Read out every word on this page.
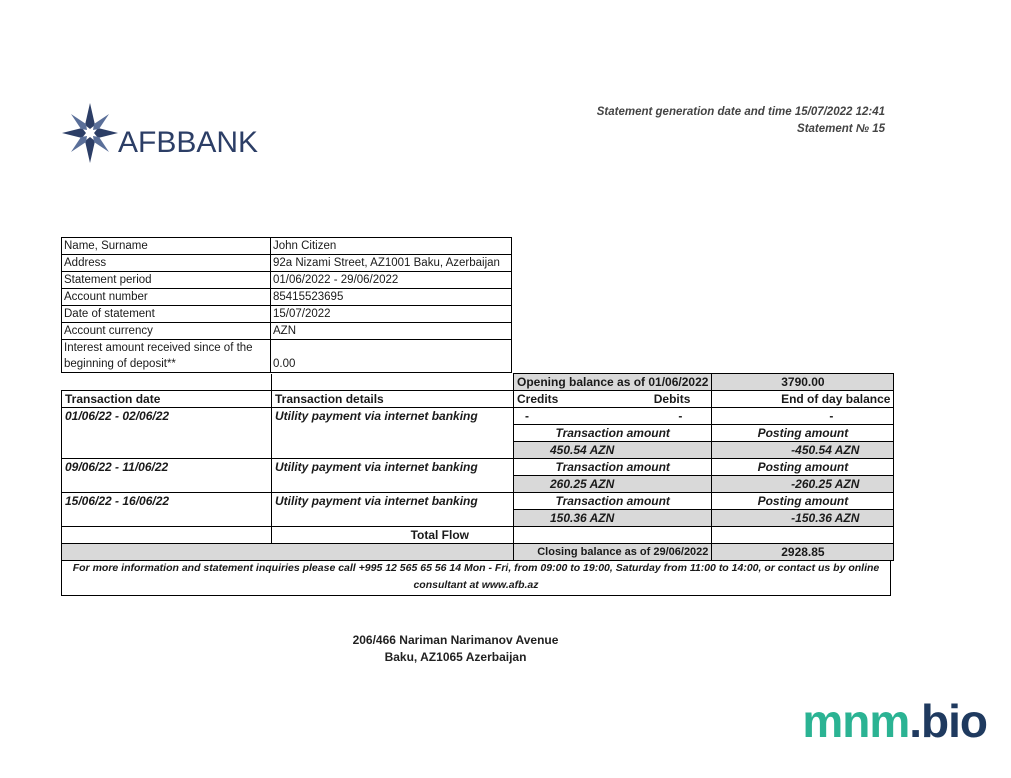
AFBBANK
Statement generation date and time 15/07/2022 12:41
Statement № 15
Name, Surname	John Citizen
Address	92a Nizami Street, AZ1001 Baku, Azerbaijan
Statement period	01/06/2022 - 29/06/2022
Account number	85415523695
Date of statement	15/07/2022
Account currency	AZN
Interest amount received since of the beginning of deposit**	0.00
		Opening balance as of 01/06/2022	3790.00
Transaction date	Transaction details	Credits Debits	End of day balance
01/06/22 - 02/06/22	Utility payment via internet banking	- -	-
		Transaction amount	Posting amount
		450.54 AZN	-450.54 AZN
09/06/22 - 11/06/22	Utility payment via internet banking	Transaction amount	Posting amount
		260.25 AZN	-260.25 AZN
15/06/22 - 16/06/22	Utility payment via internet banking	Transaction amount	Posting amount
		150.36 AZN	-150.36 AZN
	Total Flow		
		Closing balance as of 29/06/2022	2928.85
For more information and statement inquiries please call +995 12 565 65 56 14 Mon - Fri, from 09:00 to 19:00, Saturday from 11:00 to 14:00, or contact us by online consultant at www.afb.az
206/466 Nariman Narimanov Avenue
Baku, AZ1065 Azerbaijan
mnm.bio
